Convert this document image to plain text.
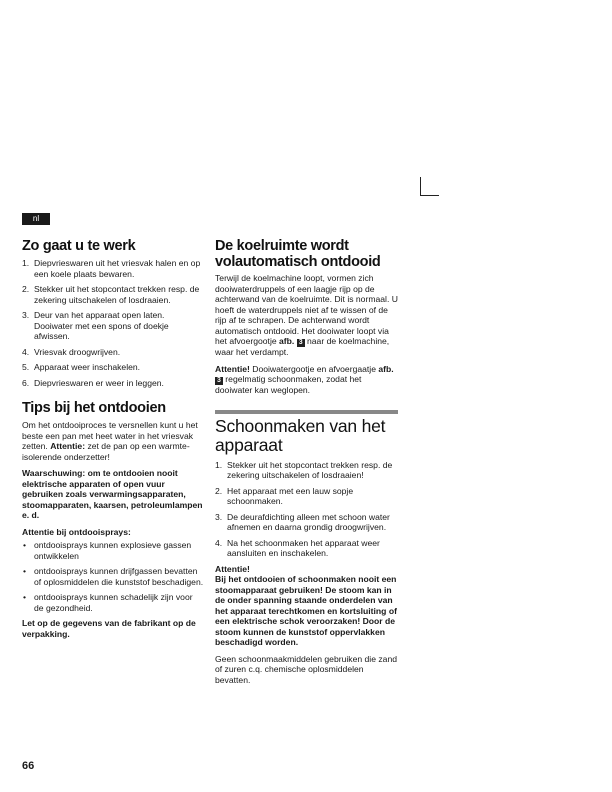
nl
Zo gaat u te werk
1. Diepvrieswaren uit het vriesvak halen en op een koele plaats bewaren.
2. Stekker uit het stopcontact trekken resp. de zekering uitschakelen of losdraaien.
3. Deur van het apparaat open laten. Dooiwater met een spons of doekje afwissen.
4. Vriesvak droogwrijven.
5. Apparaat weer inschakelen.
6. Diepvrieswaren er weer in leggen.
Tips bij het ontdooien

Om het ontdooiproces te versnellen kunt u het beste een pan met heet water in het vriesvak zetten. Attentie: zet de pan op een warmte-isolerende onderzetter!

Waarschuwing: om te ontdooien nooit elektrische apparaten of open vuur gebruiken zoals verwarmingsapparaten, stoomapparaten, kaarsen, petroleumlampen e. d.

Attentie bij ontdooisprays:

• ontdooisprays kunnen explosieve gassen ontwikkelen
• ontdooisprays kunnen drijfgassen bevatten of oplosmiddelen die kunststof beschadigen.
• ontdooisprays kunnen schadelijk zijn voor de gezondheid.

Let op de gegevens van de fabrikant op de verpakking.

De koelruimte wordt
volautomatisch ontdooid

Terwijl de koelmachine loopt, vormen zich dooiwaterdruppels of een laagje rijp op de achterwand van de koelruimte. Dit is normaal. U hoeft de waterdruppels niet af te wissen of de rijp af te schrapen. De achterwand wordt automatisch ontdooid. Het dooiwater loopt via het afvoergootje afb. 3 naar de koelmachine, waar het verdampt.

Attentie! Dooiwatergootje en afvoergaatje afb. 3 regelmatig schoonmaken, zodat het dooiwater kan weglopen.

Schoonmaken van het
apparaat
1. Stekker uit het stopcontact trekken resp. de zekering uitschakelen of losdraaien!
2. Het apparaat met een lauw sopje schoonmaken.
3. De deurafdichting alleen met schoon water afnemen en daarna grondig droogwrijven.
4. Na het schoonmaken het apparaat weer aansluiten en inschakelen.

Attentie!

Bij het ontdooien of schoonmaken nooit een stoomapparaat gebruiken! De stoom kan in de onder spanning staande onderdelen van het apparaat terechtkomen en kortsluiting of een elektrische schok veroorzaken! Door de stoom kunnen de kunststof oppervlakken beschadigd worden.

Geen schoonmaakmiddelen gebruiken die zand of zuren c.q. chemische oplosmiddelen bevatten.

66
